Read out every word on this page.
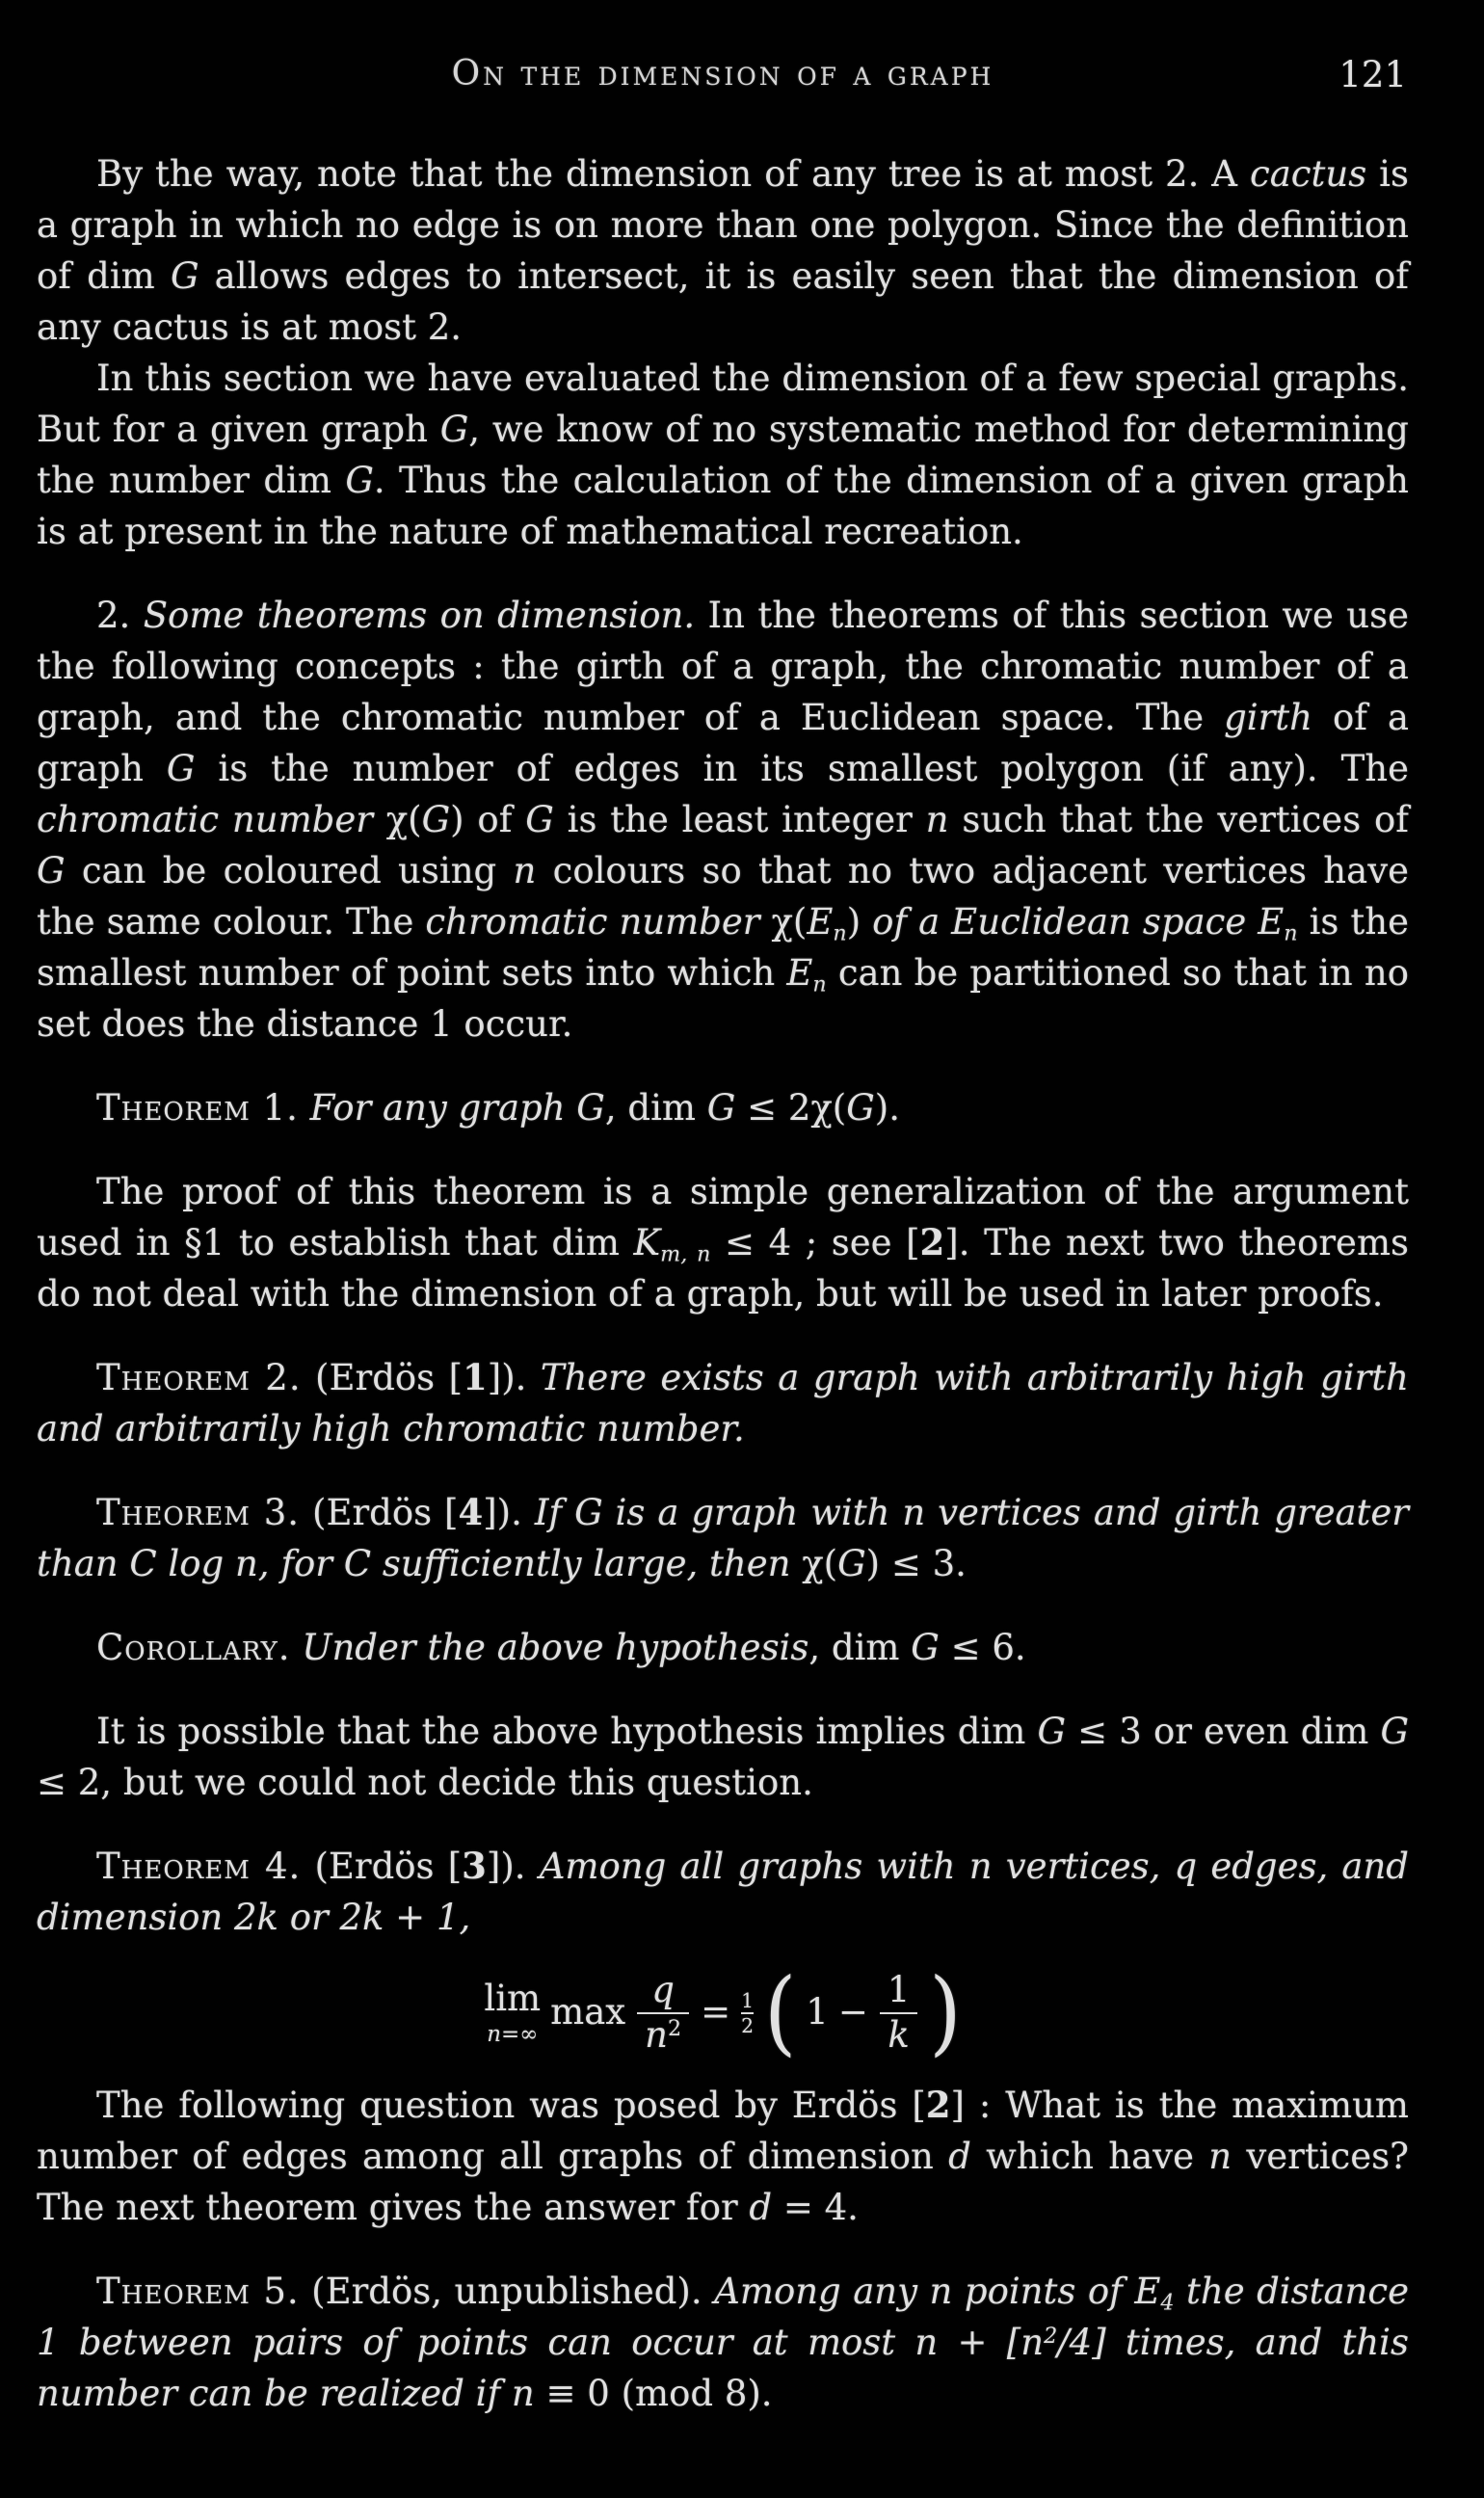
On the dimension of a graph	121

By the way, note that the dimension of any tree is at most 2. A cactus is a graph in which no edge is on more than one polygon. Since the definition of dim G allows edges to intersect, it is easily seen that the dimension of any cactus is at most 2.

In this section we have evaluated the dimension of a few special graphs. But for a given graph G, we know of no systematic method for determining the number dim G. Thus the calculation of the dimension of a given graph is at present in the nature of mathematical recreation.

2. Some theorems on dimension. In the theorems of this section we use the following concepts : the girth of a graph, the chromatic number of a graph, and the chromatic number of a Euclidean space. The girth of a graph G is the number of edges in its smallest polygon (if any). The chromatic number χ(G) of G is the least integer n such that the vertices of G can be coloured using n colours so that no two adjacent vertices have the same colour. The chromatic number $\chi(E_n)$ of a Euclidean space $E_n$ is the smallest number of point sets into which $E_n$ can be partitioned so that in no set does the distance 1 occur.

Theorem 1. For any graph G, dim G ≤ 2χ(G).

The proof of this theorem is a simple generalization of the argument used in §1 to establish that dim $K_{m, n} \le 4$ ; see [2]. The next two theorems do not deal with the dimension of a graph, but will be used in later proofs.

Theorem 2. (Erdös [1]). There exists a graph with arbitrarily high girth and arbitrarily high chromatic number.

Theorem 3. (Erdös [4]). If G is a graph with n vertices and girth greater than C log n, for C sufficiently large, then χ(G) ≤ 3.

Corollary. Under the above hypothesis, dim G ≤ 6.

It is possible that the above hypothesis implies dim G ≤ 3 or even dim G ≤ 2, but we could not decide this question.

Theorem 4. (Erdös [3]). Among all graphs with n vertices, q edges, and dimension 2k or 2k + 1,

lim
n=∞
$\max \frac{q}{n^2} = \frac{1}{2}$ ( $1 - \frac{1}{k}$ )

The following question was posed by Erdös [2] : What is the maximum number of edges among all graphs of dimension d which have n vertices? The next theorem gives the answer for d = 4.

Theorem 5. (Erdös, unpublished). Among any n points of $E_4$ the distance 1 between pairs of points can occur at most $n + [n^2/4]$ times, and this number can be realized if n ≡ 0 (mod 8).
